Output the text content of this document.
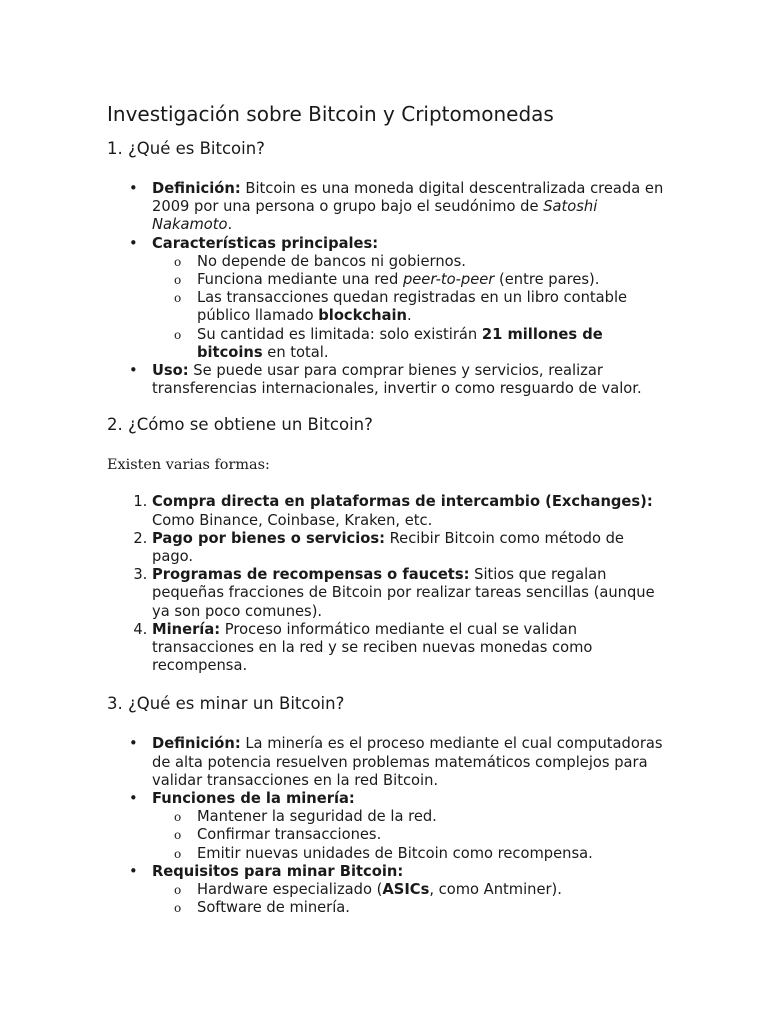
Investigación sobre Bitcoin y Criptomonedas
1. ¿Qué es Bitcoin?
• Definición: Bitcoin es una moneda digital descentralizada creada en 2009 por una persona o grupo bajo el seudónimo de Satoshi Nakamoto.
• Características principales:
o No depende de bancos ni gobiernos.
o Funciona mediante una red peer-to-peer (entre pares).
o Las transacciones quedan registradas en un libro contable público llamado blockchain.
o Su cantidad es limitada: solo existirán 21 millones de bitcoins en total.
• Uso: Se puede usar para comprar bienes y servicios, realizar transferencias internacionales, invertir o como resguardo de valor.
2. ¿Cómo se obtiene un Bitcoin?
Existen varias formas:
1. Compra directa en plataformas de intercambio (Exchanges): Como Binance, Coinbase, Kraken, etc.
2. Pago por bienes o servicios: Recibir Bitcoin como método de pago.
3. Programas de recompensas o faucets: Sitios que regalan pequeñas fracciones de Bitcoin por realizar tareas sencillas (aunque ya son poco comunes).
4. Minería: Proceso informático mediante el cual se validan transacciones en la red y se reciben nuevas monedas como recompensa.
3. ¿Qué es minar un Bitcoin?
• Definición: La minería es el proceso mediante el cual computadoras de alta potencia resuelven problemas matemáticos complejos para validar transacciones en la red Bitcoin.
• Funciones de la minería:
o Mantener la seguridad de la red.
o Confirmar transacciones.
o Emitir nuevas unidades de Bitcoin como recompensa.
• Requisitos para minar Bitcoin:
o Hardware especializado (ASICs, como Antminer).
o Software de minería.
